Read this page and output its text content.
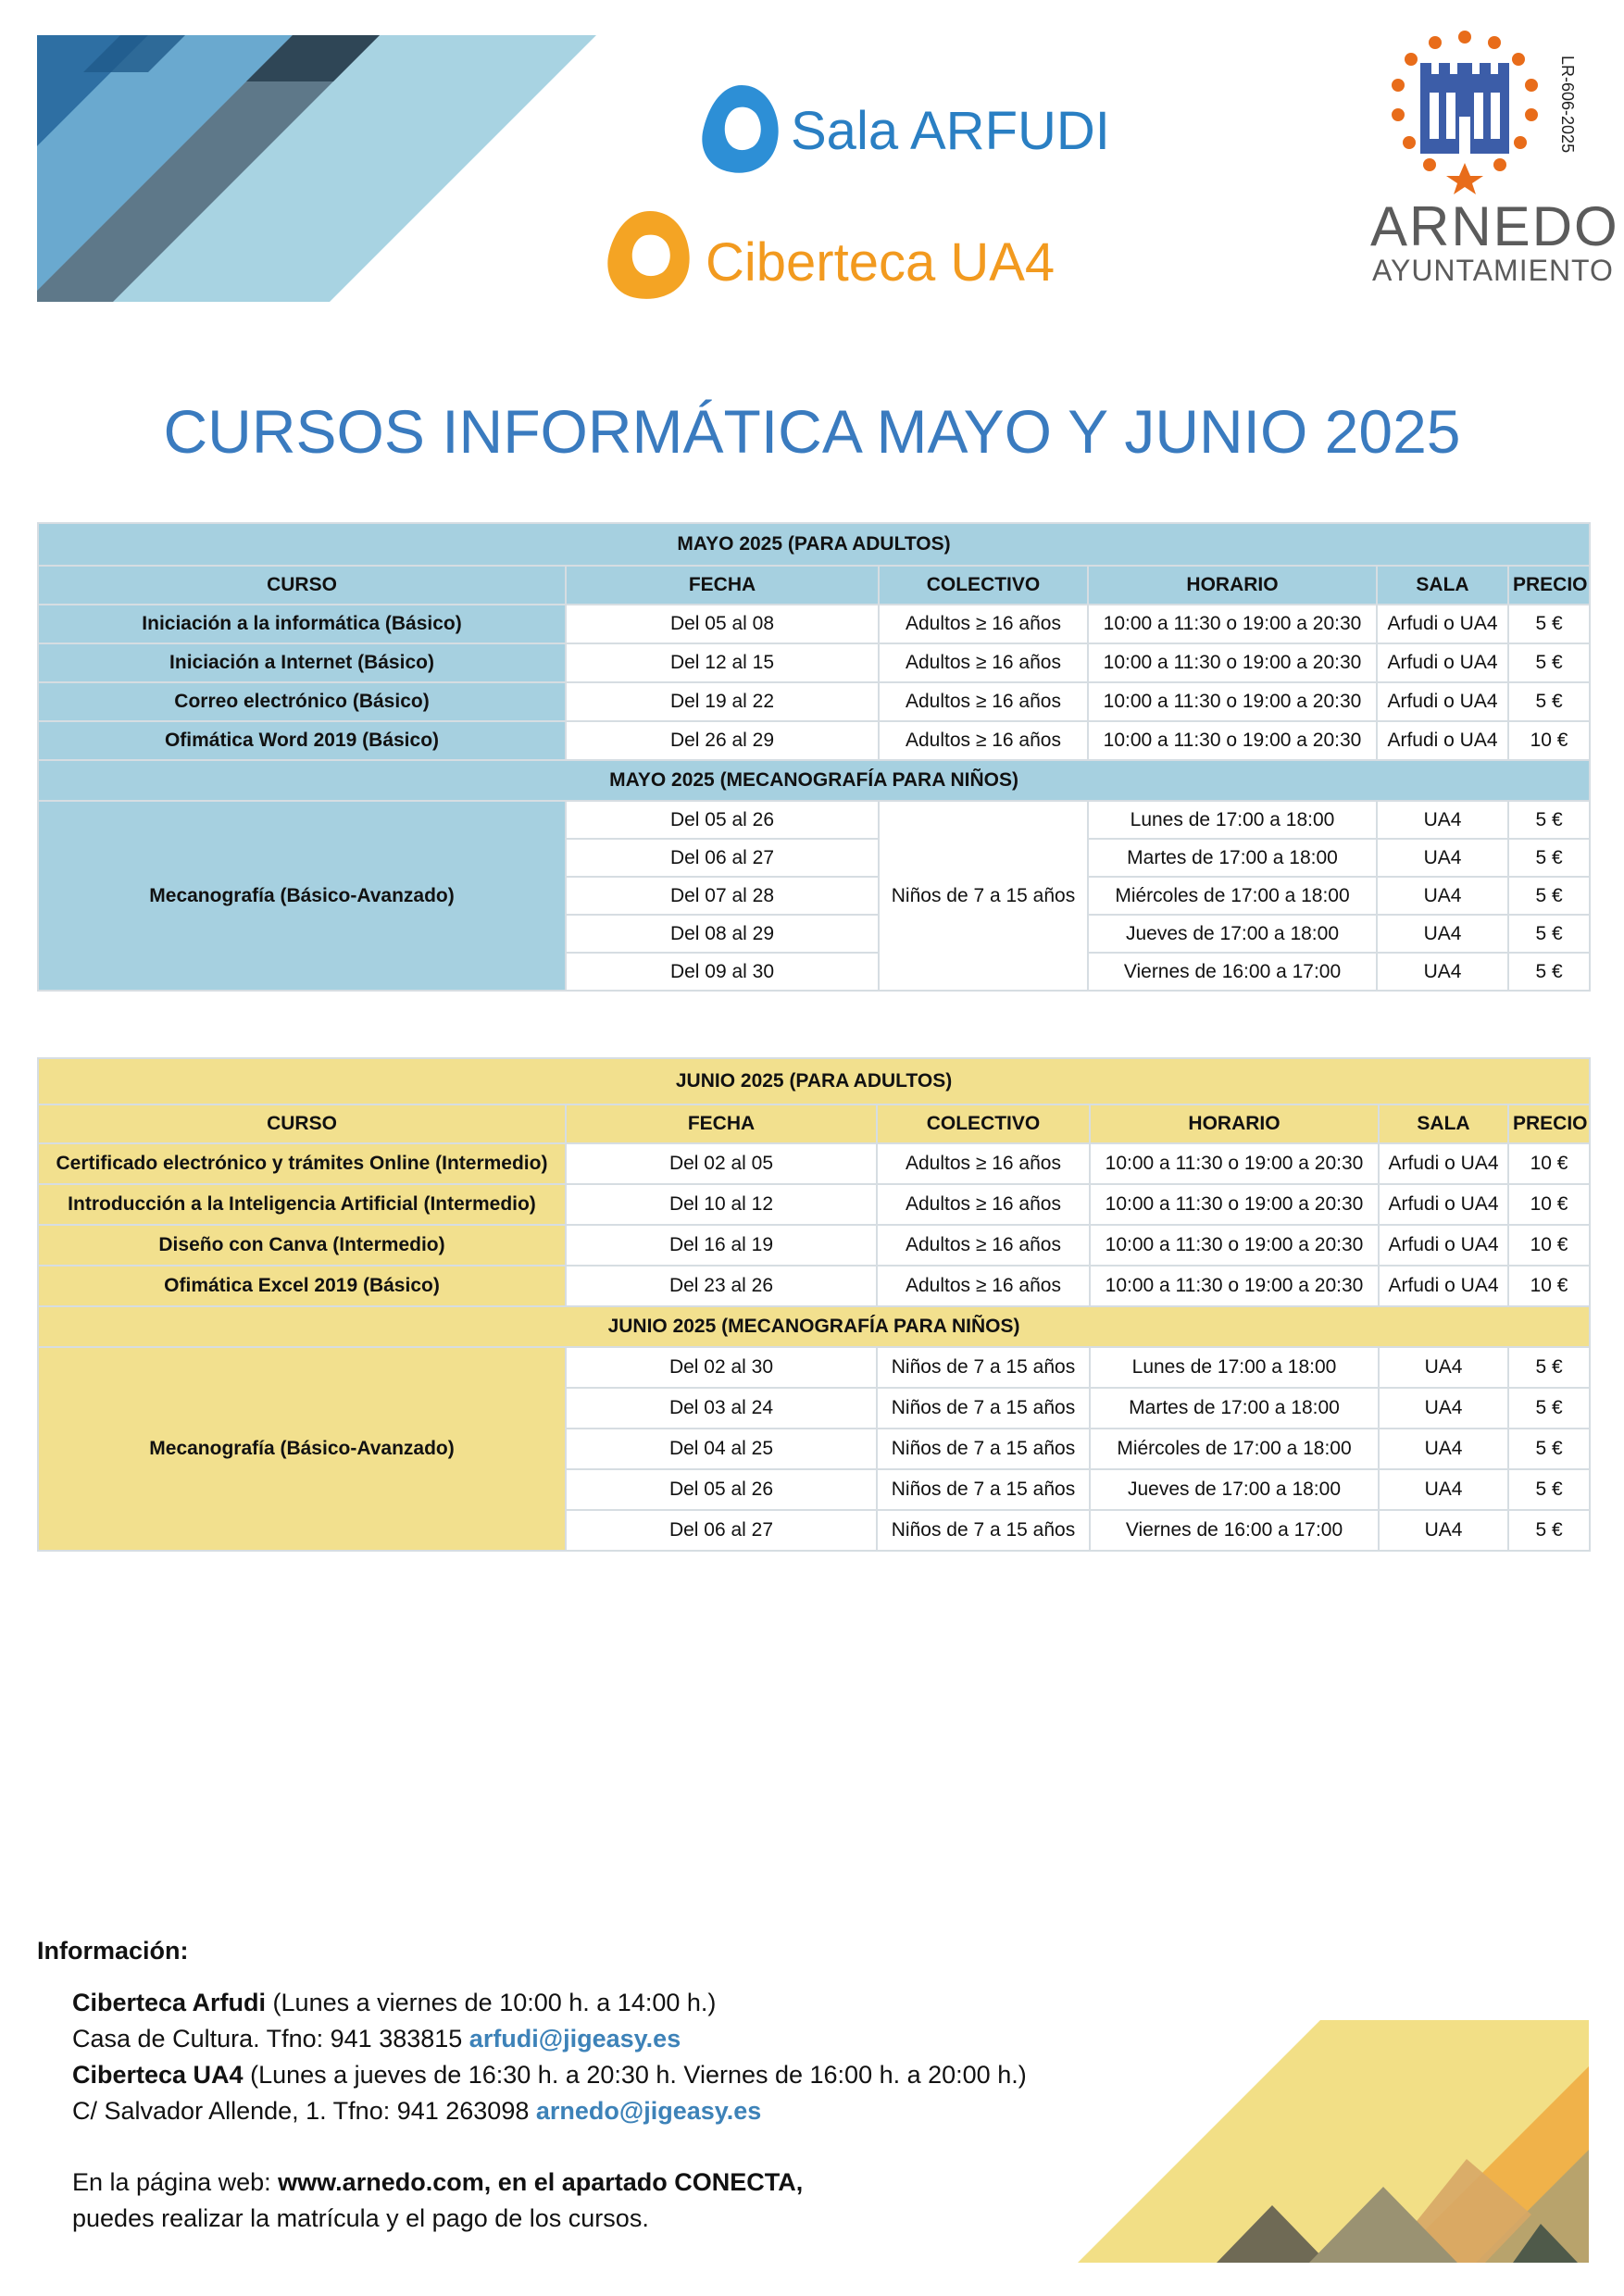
Sala ARFUDI
Ciberteca UA4
ARNEDO
AYUNTAMIENTO
LR-606-2025
CURSOS INFORMÁTICA MAYO Y JUNIO 2025
MAYO 2025 (PARA ADULTOS)					
CURSO	FECHA	COLECTIVO	HORARIO	SALA	PRECIO
Iniciación a la informática (Básico)	Del 05 al 08	Adultos ≥ 16 años	10:00 a 11:30 o 19:00 a 20:30	Arfudi o UA4	5 €
Iniciación a Internet (Básico)	Del 12 al 15	Adultos ≥ 16 años	10:00 a 11:30 o 19:00 a 20:30	Arfudi o UA4	5 €
Correo electrónico (Básico)	Del 19 al 22	Adultos ≥ 16 años	10:00 a 11:30 o 19:00 a 20:30	Arfudi o UA4	5 €
Ofimática Word 2019 (Básico)	Del 26 al 29	Adultos ≥ 16 años	10:00 a 11:30 o 19:00 a 20:30	Arfudi o UA4	10 €
MAYO 2025 (MECANOGRAFÍA PARA NIÑOS)					
Mecanografía (Básico-Avanzado)	Del 05 al 26	Niños de 7 a 15 años	Lunes de 17:00 a 18:00	UA4	5 €
	Del 06 al 27		Martes de 17:00 a 18:00	UA4	5 €
	Del 07 al 28		Miércoles de 17:00 a 18:00	UA4	5 €
	Del 08 al 29		Jueves de 17:00 a 18:00	UA4	5 €
	Del 09 al 30		Viernes de 16:00 a 17:00	UA4	5 €
JUNIO 2025 (PARA ADULTOS)					
CURSO	FECHA	COLECTIVO	HORARIO	SALA	PRECIO
Certificado electrónico y trámites Online (Intermedio)	Del 02 al 05	Adultos ≥ 16 años	10:00 a 11:30 o 19:00 a 20:30	Arfudi o UA4	10 €
Introducción a la Inteligencia Artificial (Intermedio)	Del 10 al 12	Adultos ≥ 16 años	10:00 a 11:30 o 19:00 a 20:30	Arfudi o UA4	10 €
Diseño con Canva (Intermedio)	Del 16 al 19	Adultos ≥ 16 años	10:00 a 11:30 o 19:00 a 20:30	Arfudi o UA4	10 €
Ofimática Excel 2019 (Básico)	Del 23 al 26	Adultos ≥ 16 años	10:00 a 11:30 o 19:00 a 20:30	Arfudi o UA4	10 €
JUNIO 2025 (MECANOGRAFÍA PARA NIÑOS)					
Mecanografía (Básico-Avanzado)	Del 02 al 30	Niños de 7 a 15 años	Lunes de 17:00 a 18:00	UA4	5 €
	Del 03 al 24	Niños de 7 a 15 años	Martes de 17:00 a 18:00	UA4	5 €
	Del 04 al 25	Niños de 7 a 15 años	Miércoles de 17:00 a 18:00	UA4	5 €
	Del 05 al 26	Niños de 7 a 15 años	Jueves de 17:00 a 18:00	UA4	5 €
	Del 06 al 27	Niños de 7 a 15 años	Viernes de 16:00 a 17:00	UA4	5 €
Información:
Ciberteca Arfudi (Lunes a viernes de 10:00 h. a 14:00 h.)
Casa de Cultura. Tfno: 941 383815 arfudi@jigeasy.es
Ciberteca UA4 (Lunes a jueves de 16:30 h. a 20:30 h. Viernes de 16:00 h. a 20:00 h.)
C/ Salvador Allende, 1. Tfno: 941 263098 arnedo@jigeasy.es
En la página web: www.arnedo.com, en el apartado CONECTA,
puedes realizar la matrícula y el pago de los cursos.
